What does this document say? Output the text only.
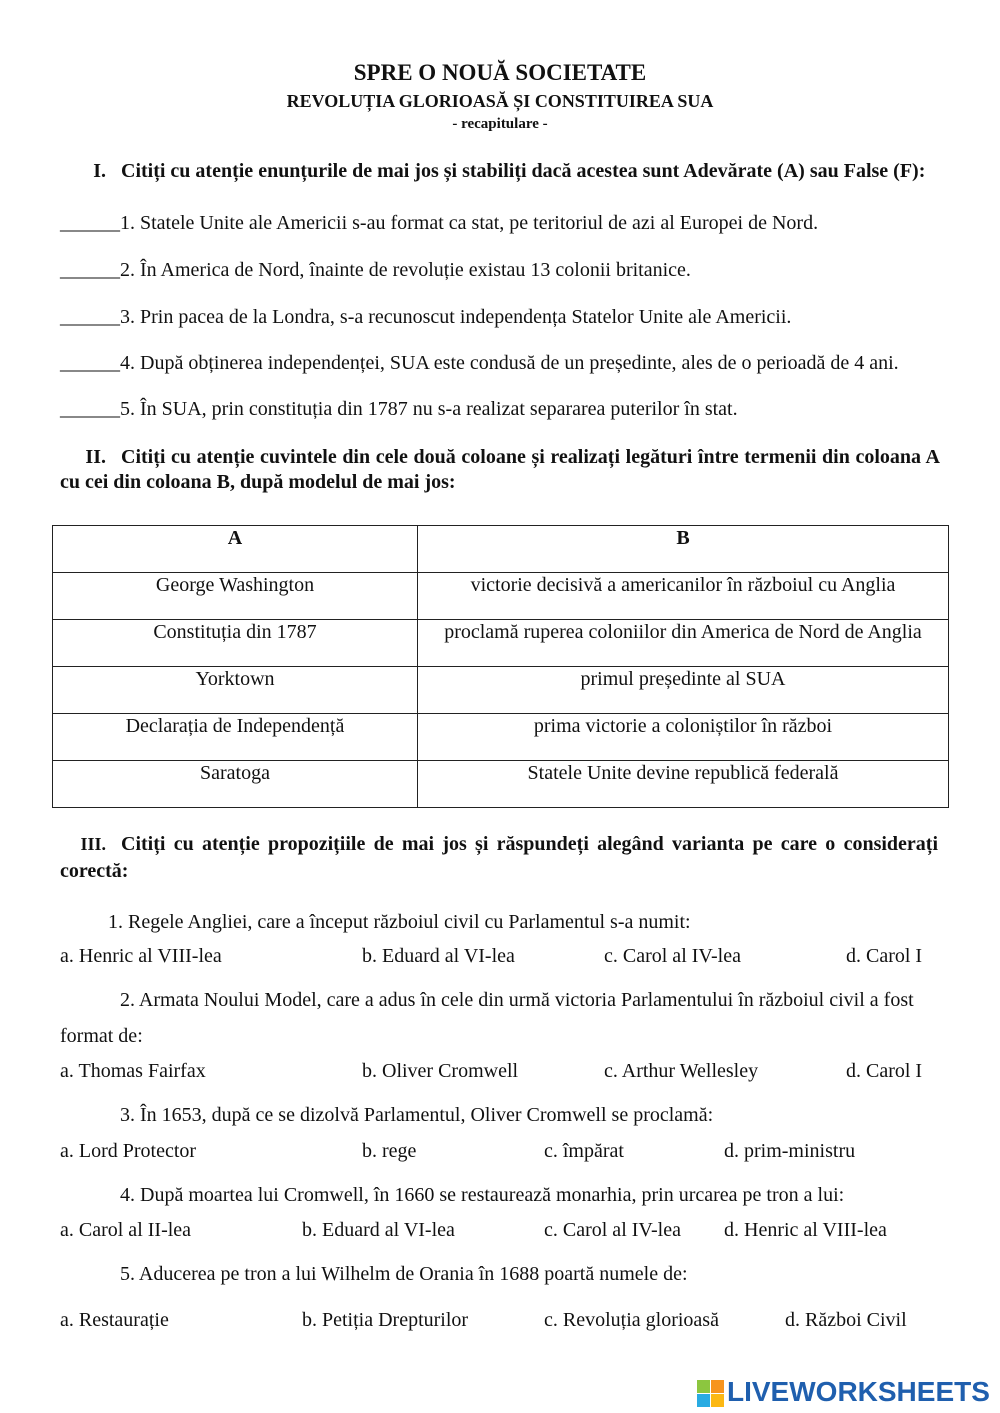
SPRE O NOUĂ SOCIETATE
REVOLUȚIA GLORIOASĂ ȘI CONSTITUIREA SUA
- recapitulare -
I. Citiți cu atenție enunțurile de mai jos și stabiliți dacă acestea sunt Adevărate (A) sau False (F):
______1. Statele Unite ale Americii s-au format ca stat, pe teritoriul de azi al Europei de Nord.
______2. În America de Nord, înainte de revoluție existau 13 colonii britanice.
______3. Prin pacea de la Londra, s-a recunoscut independența Statelor Unite ale Americii.
______4. După obținerea independenței, SUA este condusă de un președinte, ales de o perioadă de 4 ani.
______5. În SUA, prin constituția din 1787 nu s-a realizat separarea puterilor în stat.
II. Citiți cu atenție cuvintele din cele două coloane și realizați legături între termenii din coloana A
cu cei din coloana B, după modelul de mai jos:
A	B
George Washington	victorie decisivă a americanilor în războiul cu Anglia
Constituția din 1787	proclamă ruperea coloniilor din America de Nord de Anglia
Yorktown	primul președinte al SUA
Declarația de Independență	prima victorie a coloniștilor în război
Saratoga	Statele Unite devine republică federală
III. Citiți cu atenție propozițiile de mai jos și răspundeți alegând varianta pe care o considerați
corectă:
1. Regele Angliei, care a început războiul civil cu Parlamentul s-a numit:
a. Henric al VIII-lea	b. Eduard al VI-lea	c. Carol al IV-lea	d. Carol I
2. Armata Noului Model, care a adus în cele din urmă victoria Parlamentului în războiul civil a fost
format de:
a. Thomas Fairfax	b. Oliver Cromwell	c. Arthur Wellesley	d. Carol I
3. În 1653, după ce se dizolvă Parlamentul, Oliver Cromwell se proclamă:
a. Lord Protector	b. rege	c. împărat	d. prim-ministru
4. După moartea lui Cromwell, în 1660 se restaurează monarhia, prin urcarea pe tron a lui:
a. Carol al II-lea	b. Eduard al VI-lea	c. Carol al IV-lea d. Henric al VIII-lea
5. Aducerea pe tron a lui Wilhelm de Orania în 1688 poartă numele de:
a. Restaurație	b. Petiția Drepturilor	c. Revoluția glorioasă	d. Război Civil
LIVEWORKSHEETS
